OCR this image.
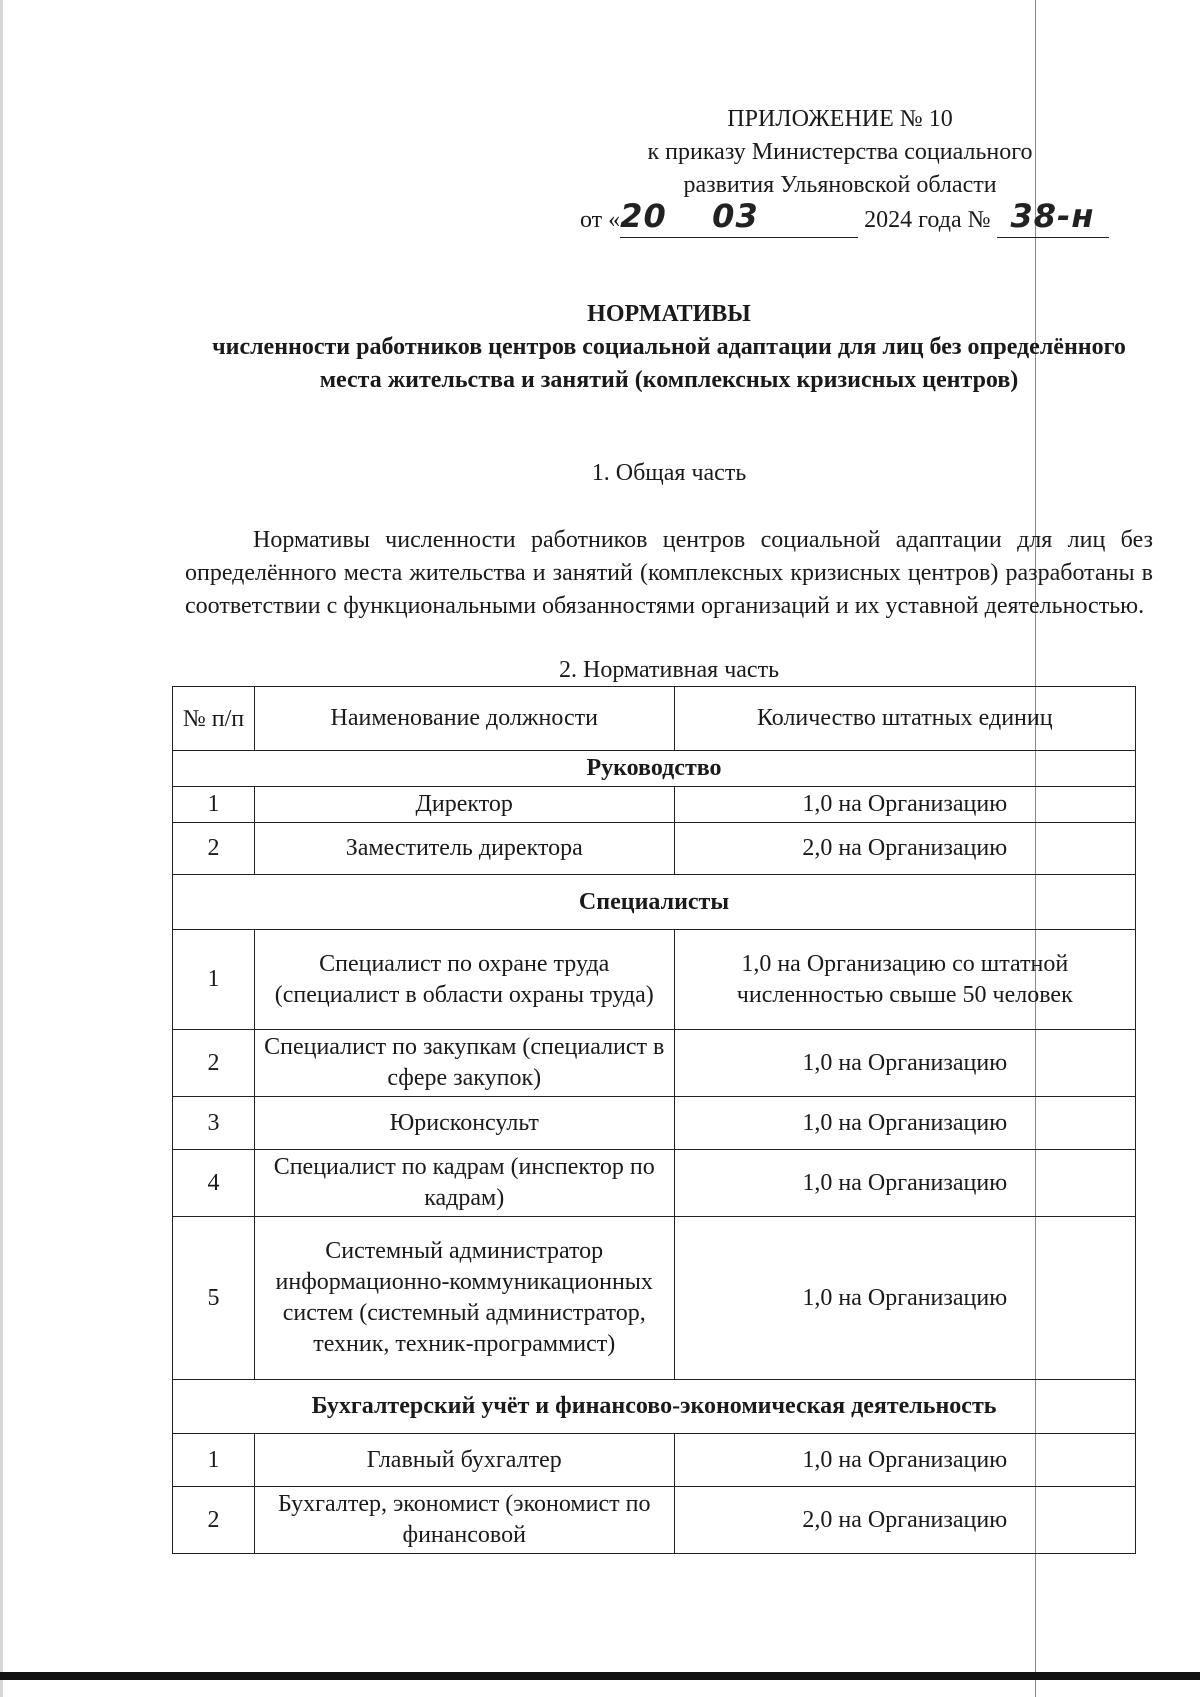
ПРИЛОЖЕНИЕ № 10
к приказу Министерства социального
развития Ульяновской области
от «20 03	2024 года № 38-н
НОРМАТИВЫ
численности работников центров социальной адаптации для лиц без определённого места жительства и занятий (комплексных кризисных центров)
1. Общая часть
Нормативы численности работников центров социальной адаптации для лиц без определённого места жительства и занятий (комплексных кризисных центров) разработаны в соответствии с функциональными обязанностями организаций и их уставной деятельностью.
2. Нормативная часть
№ п/п	Наименование должности	Количество штатных единиц
Руководство		
1	Директор	1,0 на Организацию
2	Заместитель директора	2,0 на Организацию
Специалисты		
1	Специалист по охране труда (специалист в области охраны труда)	1,0 на Организацию со штатной численностью свыше 50 человек
2	Специалист по закупкам (специалист в сфере закупок)	1,0 на Организацию
3	Юрисконсульт	1,0 на Организацию
4	Специалист по кадрам (инспектор по кадрам)	1,0 на Организацию
5	Системный администратор информационно-коммуникационных систем (системный администратор, техник, техник-программист)	1,0 на Организацию
Бухгалтерский учёт и финансово-экономическая деятельность		
1	Главный бухгалтер	1,0 на Организацию
2	Бухгалтер, экономист (экономист по финансовой	2,0 на Организацию
